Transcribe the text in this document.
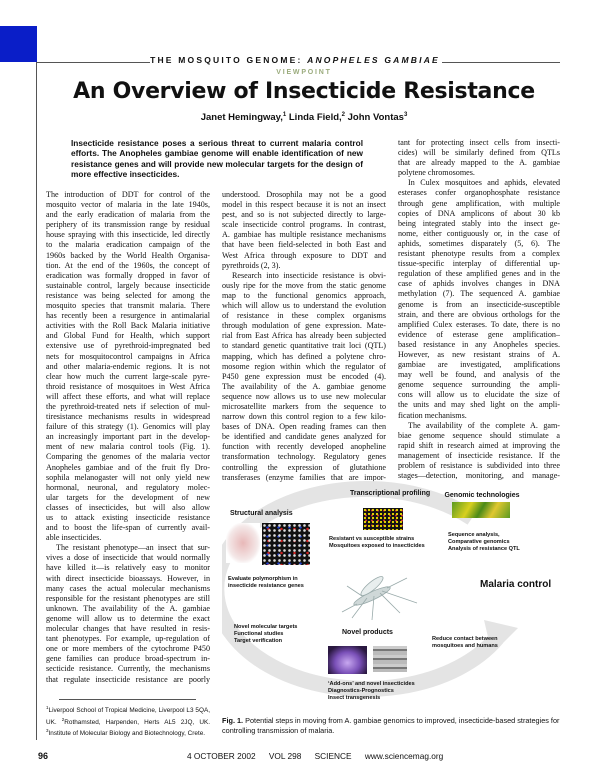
THE MOSQUITO GENOME: ANOPHELES GAMBIAE
VIEWPOINT
An Overview of Insecticide Resistance
Janet Hemingway,$^1$ Linda Field,$^2$ John Vontas$^3$
Insecticide resistance poses a serious threat to current malaria control efforts. The Anopheles gambiae genome will enable identification of new resistance genes and will provide new molecular targets for the design of more effective insecticides.
The introduction of DDT for control of the
mosquito vector of malaria in the late 1940s,
and the early eradication of malaria from the
periphery of its transmission range by residual
house spraying with this insecticide, led directly
to the malaria eradication campaign of the
1960s backed by the World Health Organisa-
tion. At the end of the 1960s, the concept of
eradication was formally dropped in favor of
sustainable control, largely because insecticide
resistance was being selected for among the
mosquito species that transmit malaria. There
has recently been a resurgence in antimalarial
activities with the Roll Back Malaria initiative
and Global Fund for Health, which support
extensive use of pyrethroid-impregnated bed
nets for mosquitocontrol campaigns in Africa
and other malaria-endemic regions. It is not
clear how much the current large-scale pyre-
throid resistance of mosquitoes in West Africa
will affect these efforts, and what will replace
the pyrethroid-treated nets if selection of mul-
tiresistance mechanisms results in widespread
failure of this strategy (1). Genomics will play
an increasingly important part in the develop-
ment of new malaria control tools (Fig. 1).
Comparing the genomes of the malaria vector
Anopheles gambiae and of the fruit fly Dro-
sophila melanogaster will not only yield new
hormonal, neuronal, and regulatory molec-
ular targets for the development of new
classes of insecticides, but will also allow
us to attack existing insecticide resistance
and to boost the life-span of currently avail-
able insecticides.
The resistant phenotype—an insect that sur-
vives a dose of insecticide that would normally
have killed it—is relatively easy to monitor
with direct insecticide bioassays. However, in
many cases the actual molecular mechanisms
responsible for the resistant phenotypes are still
unknown. The availability of the A. gambiae
genome will allow us to determine the exact
molecular changes that have resulted in resis-
tant phenotypes. For example, up-regulation of
one or more members of the cytochrome P450
gene families can produce broad-spectrum in-
secticide resistance. Currently, the mechanisms
that regulate insecticide resistance are poorly
understood. Drosophila may not be a good
model in this respect because it is not an insect
pest, and so is not subjected directly to large-
scale insecticide control programs. In contrast,
A. gambiae has multiple resistance mechanisms
that have been field-selected in both East and
West Africa through exposure to DDT and
pyrethroids (2, 3).
Research into insecticide resistance is obvi-
ously ripe for the move from the static genome
map to the functional genomics approach,
which will allow us to understand the evolution
of resistance in these complex organisms
through modulation of gene expression. Mate-
rial from East Africa has already been subjected
to standard genetic quantitative trait loci (QTL)
mapping, which has defined a polytene chro-
mosome region within which the regulator of
P450 gene expression must be encoded (4).
The availability of the A. gambiae genome
sequence now allows us to use new molecular
microsatellite markers from the sequence to
narrow down this control region to a few kilo-
bases of DNA. Open reading frames can then
be identified and candidate genes analyzed for
function with recently developed anopheline
transformation technology. Regulatory genes
controlling the expression of glutathione
transferases (enzyme families that are impor-
tant for protecting insect cells from insecti-
cides) will be similarly defined from QTLs
that are already mapped to the A. gambiae
polytene chromosomes.
In Culex mosquitoes and aphids, elevated
esterases confer organophosphate resistance
through gene amplification, with multiple
copies of DNA amplicons of about 30 kb
being integrated stably into the insect ge-
nome, either contiguously or, in the case of
aphids, sometimes disparately (5, 6). The
resistant phenotype results from a complex
tissue-specific interplay of differential up-
regulation of these amplified genes and in the
case of aphids involves changes in DNA
methylation (7). The sequenced A. gambiae
genome is from an insecticide-susceptible
strain, and there are obvious orthologs for the
amplified Culex esterases. To date, there is no
evidence of esterase gene amplification–
based resistance in any Anopheles species.
However, as new resistant strains of A.
gambiae are investigated, amplifications
may well be found, and analysis of the
genome sequence surrounding the ampli-
cons will allow us to elucidate the size of
the units and may shed light on the ampli-
fication mechanisms.
The availability of the complete A. gam-
biae genome sequence should stimulate a
rapid shift in research aimed at improving the
management of insecticide resistance. If the
problem of resistance is subdivided into three
stages—detection, monitoring, and manage-
$^1$Liverpool School of Tropical Medicine, Liverpool L3 5QA, UK. $^2$Rothamsted, Harpenden, Herts AL5 2JQ, UK. $^3$Institute of Molecular Biology and Biotechnology, Crete.
Transcriptional profiling	Genomic technologies
Structural analysis
Resistant vs susceptible strains
Mosquitoes exposed to insecticides
Sequence analysis,
Comparative genomics
Analysis of resistance QTL
Evaluate polymorphism in
insecticide resistance genes	Malaria control
Novel molecular targets
Functional studies
Target verification
Novel products
Reduce contact between
mosquitoes and humans
‘Add-ons’ and novel insecticides
Diagnostics-Prognostics
Insect transgenesis
Fig. 1. Potential steps in moving from A. gambiae genomics to improved, insecticide-based strategies for controlling transmission of malaria.
96	4 OCTOBER 2002 VOL 298 SCIENCE www.sciencemag.org
